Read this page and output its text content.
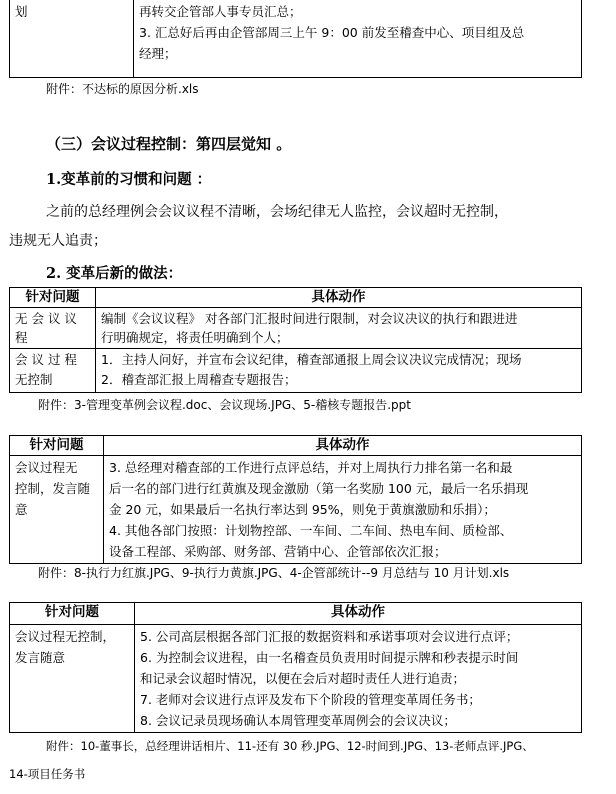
划	再转交企管部人事专员汇总；
3. 汇总好后再由企管部周三上午 9：00 前发至稽查中心、项目组及总
经理；
附件：不达标的原因分析.xls
（三）会议过程控制：第四层觉知 。
1.变革前的习惯和问题 ：
之前的总经理例会会议议程不清晰，会场纪律无人监控，会议超时无控制，
违规无人追责；
2. 变革后新的做法：
针对问题	具体动作

无 会 议 议
程	编制《会议议程》 对各部门汇报时间进行限制，对会议决议的执行和跟进进
行明确规定，将责任明确到个人；

会 议 过 程
无控制	1．主持人问好，并宣布会议纪律，稽查部通报上周会议决议完成情况；现场
2．稽查部汇报上周稽查专题报告；
附件：3-管理变革例会议程.doc、会议现场.JPG、5-稽核专题报告.ppt
针对问题	具体动作

会议过程无
控制，发言随
意	3. 总经理对稽查部的工作进行点评总结，并对上周执行力排名第一名和最
后一名的部门进行红黄旗及现金激励（第一名奖励 100 元，最后一名乐捐现
金 20 元，如果最后一名执行率达到 95%，则免于黄旗激励和乐捐）；
4. 其他各部门按照：计划物控部、一车间、二车间、热电车间、质检部、
设备工程部、采购部、财务部、营销中心、企管部依次汇报；
附件：8-执行力红旗.JPG、9-执行力黄旗.JPG、4-企管部统计--9 月总结与 10 月计划.xls
针对问题	具体动作

会议过程无控制，
发言随意	5. 公司高层根据各部门汇报的数据资料和承诺事项对会议进行点评；
6. 为控制会议进程，由一名稽查员负责用时间提示牌和秒表提示时间
和记录会议超时情况，以便在会后对超时责任人进行追责；
7. 老师对会议进行点评及发布下个阶段的管理变革周任务书；
8. 会议记录员现场确认本周管理变革周例会的会议决议；
附件：10-董事长，总经理讲话相片、11-还有 30 秒.JPG、12-时间到.JPG、13-老师点评.JPG、
14-项目任务书
